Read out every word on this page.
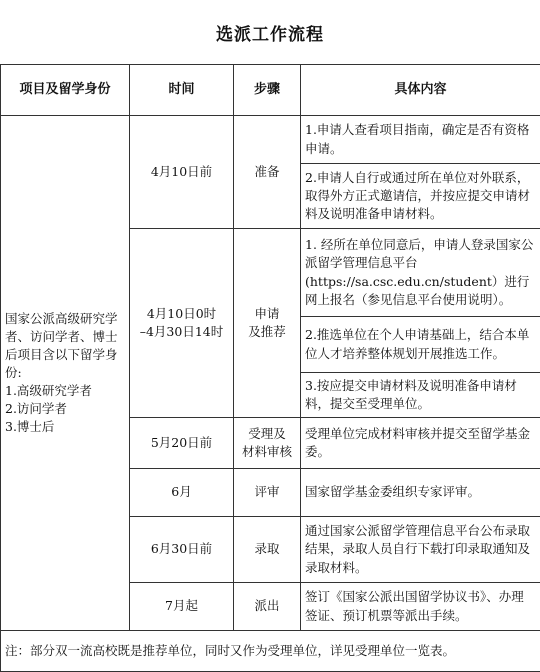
选派工作流程
项目及留学身份	时间	步骤	具体内容

国家公派高级研究学者、访问学者、博士后项目含以下留学身份:
1.高级研究学者
2.访问学者
3.博士后	4月10日前	准备	1.申请人查看项目指南，确定是否有资格申请。
			2.申请人自行或通过所在单位对外联系，取得外方正式邀请信，并按应提交申请材料及说明准备申请材料。
	4月10日0时
–4月30日14时	申请
及推荐	1. 经所在单位同意后，申请人登录国家公派留学管理信息平台(https://sa.csc.edu.cn/student）进行网上报名（参见信息平台使用说明）。
			2.推选单位在个人申请基础上，结合本单位人才培养整体规划开展推选工作。
			3.按应提交申请材料及说明准备申请材料，提交至受理单位。
	5月20日前	受理及
材料审核	受理单位完成材料审核并提交至留学基金委。
	6月	评审	国家留学基金委组织专家评审。
	6月30日前	录取	通过国家公派留学管理信息平台公布录取结果，录取人员自行下载打印录取通知及录取材料。
	7月起	派出	签订《国家公派出国留学协议书》、办理签证、预订机票等派出手续。
注：部分双一流高校既是推荐单位，同时又作为受理单位，详见受理单位一览表。			
